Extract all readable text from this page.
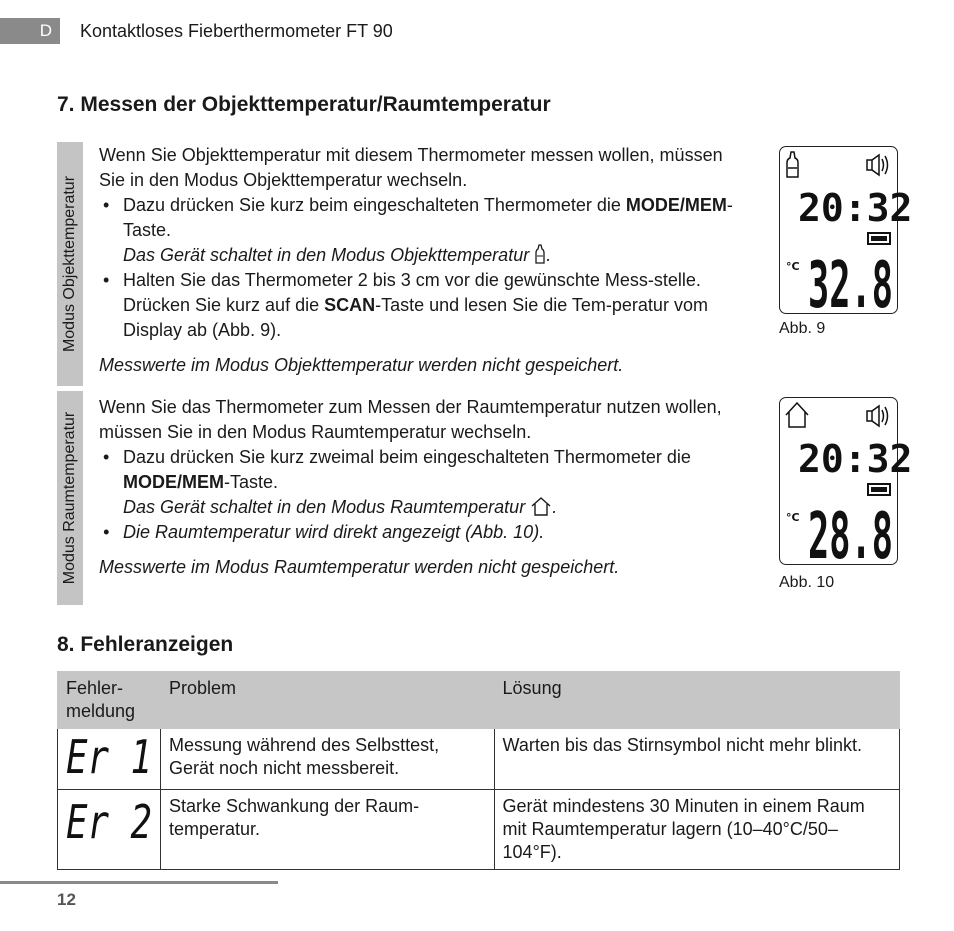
D	Kontaktloses Fieberthermometer FT 90
7. Messen der Objekttemperatur/Raumtemperatur
Modus Objekttemperatur

Wenn Sie Objekttemperatur mit diesem Thermometer messen wollen, müssen Sie in den Modus Objekttemperatur wechseln.

• Dazu drücken Sie kurz beim eingeschalteten Thermometer die MODE/MEM-Taste.
Das Gerät schaltet in den Modus Objekttemperatur .
• Halten Sie das Thermometer 2 bis 3 cm vor die gewünschte Mess-stelle. Drücken Sie kurz auf die SCAN-Taste und lesen Sie die Tem-peratur vom Display ab (Abb. 9).

Messwerte im Modus Objekttemperatur werden nicht gespeichert.

20:32
°C 32.8
Abb. 9
Modus Raumtemperatur

Wenn Sie das Thermometer zum Messen der Raumtemperatur nutzen wollen, müssen Sie in den Modus Raumtemperatur wechseln.

• Dazu drücken Sie kurz zweimal beim eingeschalteten Thermometer die MODE/MEM-Taste.
Das Gerät schaltet in den Modus Raumtemperatur .
• Die Raumtemperatur wird direkt angezeigt (Abb. 10).

Messwerte im Modus Raumtemperatur werden nicht gespeichert.

20:32
°C 28.8
Abb. 10
8. Fehleranzeigen
Fehler-meldung	Problem	Lösung

Er 1	Messung während des Selbsttest, Gerät noch nicht messbereit.	Warten bis das Stirnsymbol nicht mehr blinkt.

Er 2	Starke Schwankung der Raum-temperatur.	Gerät mindestens 30 Minuten in einem Raum mit Raumtemperatur lagern (10–40°C/50–104°F).
12
